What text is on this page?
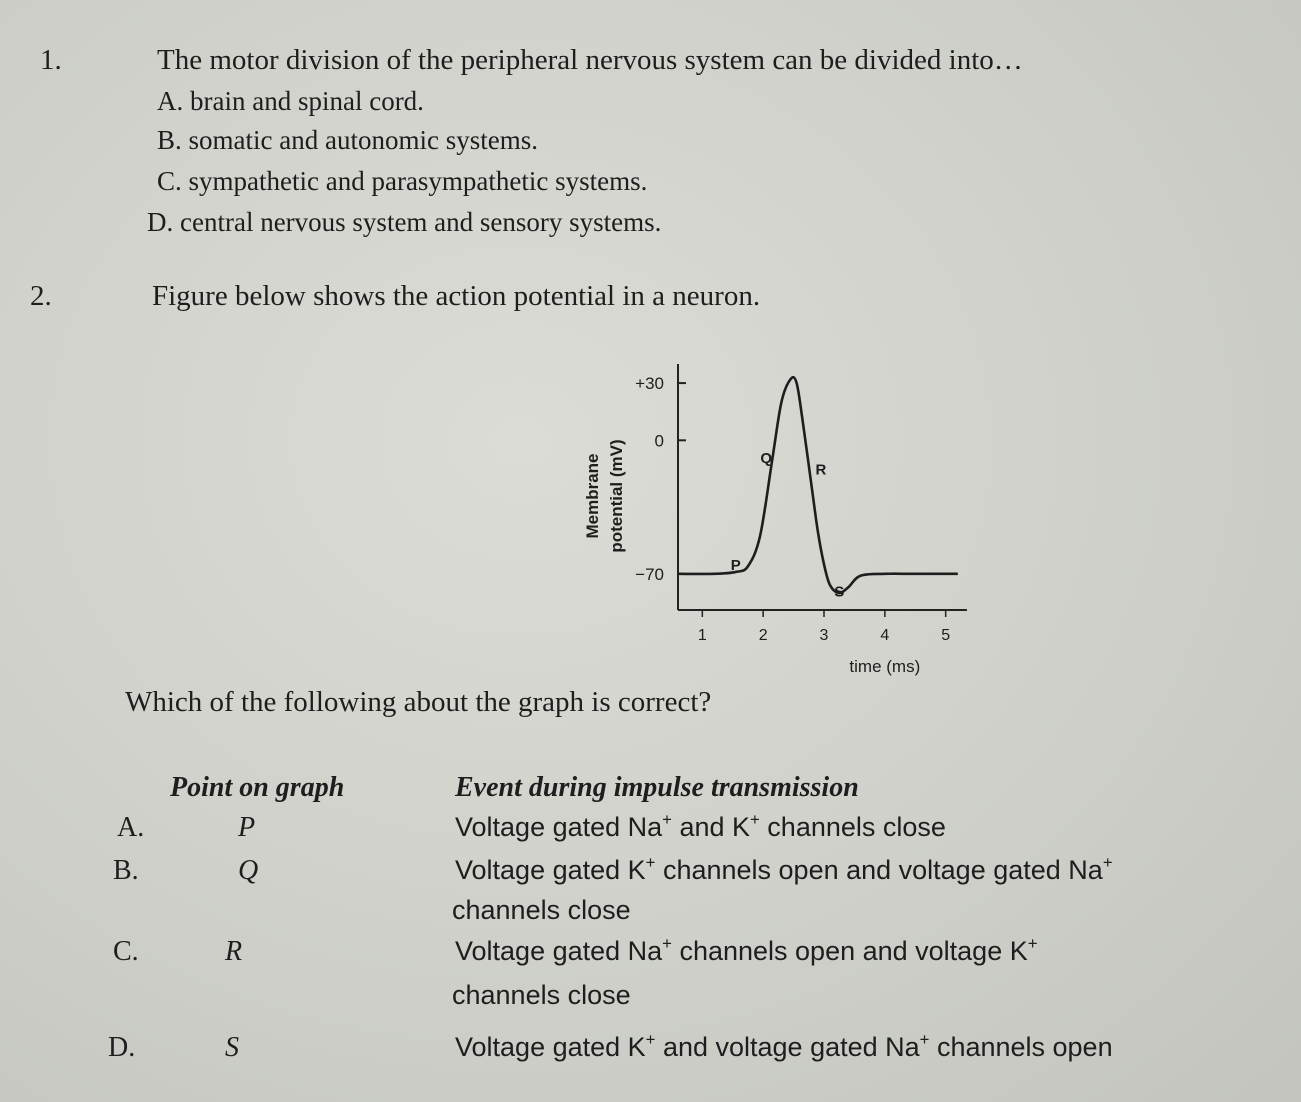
1.	The motor division of the peripheral nervous system can be divided into…
A. brain and spinal cord.
B. somatic and autonomic systems.
C. sympathetic and parasympathetic systems.
D. central nervous system and sensory systems.
2.	Figure below shows the action potential in a neuron.
+30
0
−70
1	2	3	4	5
time (ms)
Membrane potential (mV)
P
Q
R
S
Which of the following about the graph is correct?
Point on graph	Event during impulse transmission
A.	P	Voltage gated Na+ and K+ channels close
B.	Q	Voltage gated K+ channels open and voltage gated Na+
channels close
C.	R	Voltage gated Na+ channels open and voltage K+
channels close
D.	S	Voltage gated K+ and voltage gated Na+ channels open
